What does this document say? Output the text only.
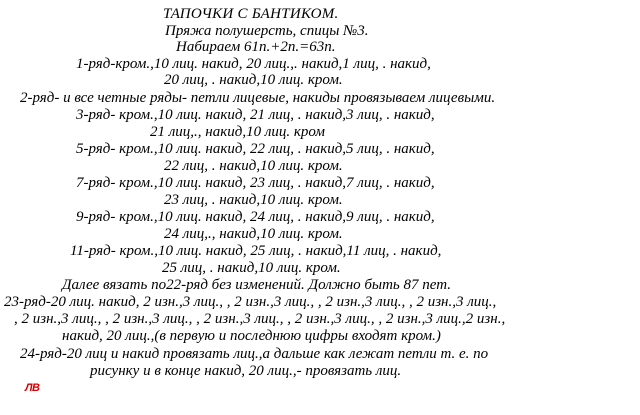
ТАПОЧКИ С БАНТИКОМ.
Пряжа полушерсть, спицы №3.
Набираем 61п.+2п.=63п.
1-ряд-кром.,10 лиц. накид, 20 лиц.,. накид,1 лиц, . накид,
20 лиц, . накид,10 лиц. кром.
2-ряд- и все четные ряды- петли лицевые, накиды провязываем лицевыми.
3-ряд- кром.,10 лиц. накид, 21 лиц, . накид,3 лиц, . накид,
21 лиц,., накид,10 лиц. кром
5-ряд- кром.,10 лиц. накид, 22 лиц, . накид,5 лиц, . накид,
22 лиц, . накид,10 лиц. кром.
7-ряд- кром.,10 лиц. накид, 23 лиц, . накид,7 лиц, . накид,
23 лиц, . накид,10 лиц. кром.
9-ряд- кром.,10 лиц. накид, 24 лиц, . накид,9 лиц, . накид,
24 лиц,., накид,10 лиц. кром.
11-ряд- кром.,10 лиц. накид, 25 лиц, . накид,11 лиц, . накид,
25 лиц, . накид,10 лиц. кром.
Далее вязать по22-ряд без изменений. Должно быть 87 пет.
23-ряд-20 лиц. накид, 2 изн.,3 лиц., , 2 изн.,3 лиц., , 2 изн.,3 лиц., , 2 изн.,3 лиц.,
, 2 изн.,3 лиц., , 2 изн.,3 лиц., , 2 изн.,3 лиц., , 2 изн.,3 лиц., , 2 изн.,3 лиц.,2 изн.,
накид, 20 лиц.,(в первую и последнюю цифры входят кром.)
24-ряд-20 лиц и накид провязать лиц.,а дальше как лежат петли т. е. по
рисунку и в конце накид, 20 лиц.,- провязать лиц.
ЛВ
